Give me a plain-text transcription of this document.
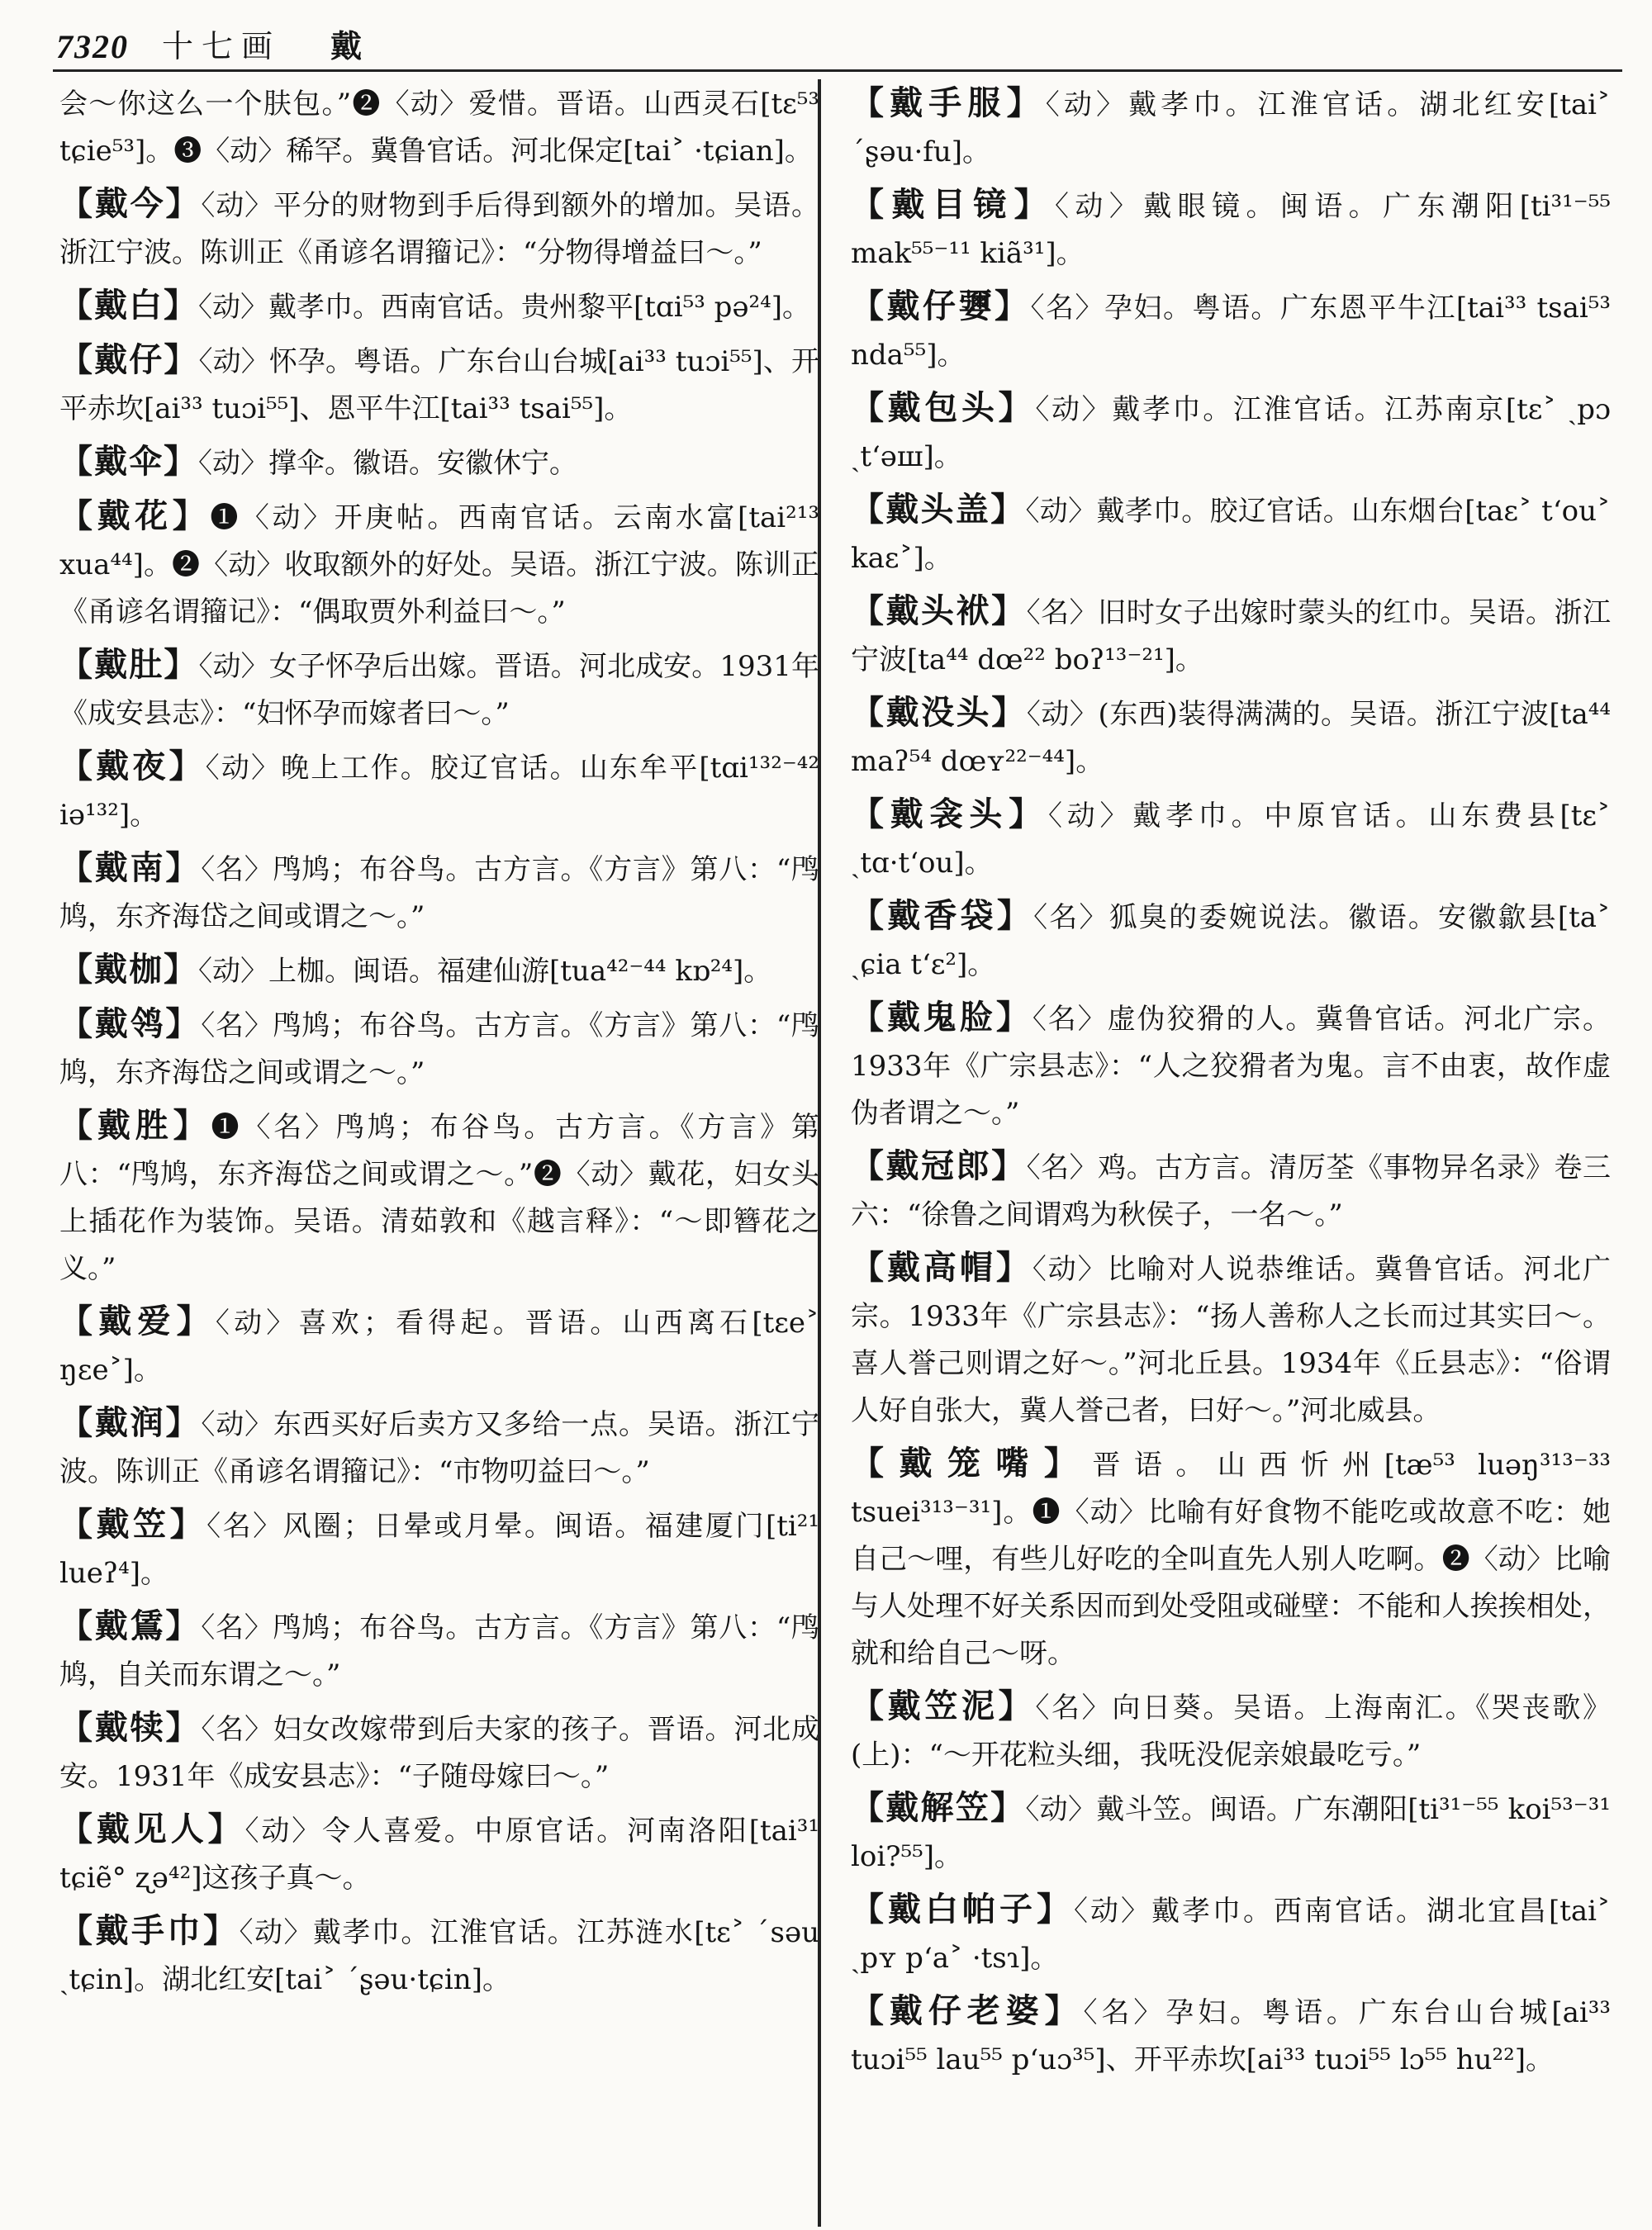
7320 十七画 戴

会～你这么一个肤包。”❷〈动〉爱惜。晋语。山西灵石[tɛ⁵³ tɕie⁵³]。❸〈动〉稀罕。冀鲁官话。河北保定[tai˃ ·tɕian]。

【 戴今 】 〈动〉平分的财物到手后得到额外的增加。吴语。浙江宁波。陈训正《甬谚名谓籀记》：“分物得增益曰～。”

【 戴白 】 〈动〉戴孝巾。西南官话。贵州黎平[tɑi⁵³ pə²⁴]。

【 戴仔 】 〈动〉怀孕。粤语。广东台山台城[ai³³ tuɔi⁵⁵]、开平赤坎[ai³³ tuɔi⁵⁵]、恩平牛江[tai³³ tsai⁵⁵]。

【 戴伞 】 〈动〉撑伞。徽语。安徽休宁。

【 戴花 】 ❶〈动〉开庚帖。西南官话。云南水富[tai²¹³ xua⁴⁴]。❷〈动〉收取额外的好处。吴语。浙江宁波。陈训正《甬谚名谓籀记》：“偶取贾外利益曰～。”

【 戴肚 】 〈动〉女子怀孕后出嫁。晋语。河北成安。1931年《成安县志》：“妇怀孕而嫁者曰～。”

【 戴夜 】 〈动〉晚上工作。胶辽官话。山东牟平[tɑi¹³²⁻⁴² iə¹³²]。

【 戴南 】 〈名〉鸤鸠；布谷鸟。古方言。《方言》第八：“鸤鸠，东齐海岱之间或谓之～。”

【 戴枷 】 〈动〉上枷。闽语。福建仙游[tua⁴²⁻⁴⁴ kɒ²⁴]。

【 戴鸰 】 〈名〉鸤鸠；布谷鸟。古方言。《方言》第八：“鸤鸠，东齐海岱之间或谓之～。”

【 戴胜 】 ❶〈名〉鸤鸠；布谷鸟。古方言。《方言》第八：“鸤鸠，东齐海岱之间或谓之～。”❷〈动〉戴花，妇女头上插花作为装饰。吴语。清茹敦和《越言释》：“～即簪花之义。”

【 戴爱 】 〈动〉喜欢；看得起。晋语。山西离石[tɛe˃ ŋɛe˃]。

【 戴润 】 〈动〉东西买好后卖方又多给一点。吴语。浙江宁波。陈训正《甬谚名谓籀记》：“市物叨益曰～。”

【 戴笠 】 〈名〉风圈；日晕或月晕。闽语。福建厦门[ti²¹ lueʔ⁴]。

【 戴鵀 】 〈名〉鸤鸠；布谷鸟。古方言。《方言》第八：“鸤鸠，自关而东谓之～。”

【 戴犊 】 〈名〉妇女改嫁带到后夫家的孩子。晋语。河北成安。1931年《成安县志》：“子随母嫁曰～。”

【 戴见人 】 〈动〉令人喜爱。中原官话。河南洛阳[tai³¹ tɕiẽ° ʐə⁴²]这孩子真～。

【 戴手巾 】 〈动〉戴孝巾。江淮官话。江苏涟水[tɛ˃ ˊsəu ˏtɕin]。湖北红安[tai˃ ˊʂəu·tɕin]。

【 戴手服 】 〈动〉戴孝巾。江淮官话。湖北红安[tai˃ ˊʂəu·fu]。

【 戴目镜 】 〈动〉戴眼镜。闽语。广东潮阳[ti³¹⁻⁵⁵ mak⁵⁵⁻¹¹ kiã³¹]。

【 戴仔㜷 】 〈名〉孕妇。粤语。广东恩平牛江[tai³³ tsai⁵³ nda⁵⁵]。

【 戴包头 】 〈动〉戴孝巾。江淮官话。江苏南京[tɛ˃ ˏpɔ ˏt‘əш]。

【 戴头盖 】 〈动〉戴孝巾。胶辽官话。山东烟台[taɛ˃ t‘ou˃ kaɛ˃]。

【 戴头袱 】 〈名〉旧时女子出嫁时蒙头的红巾。吴语。浙江宁波[ta⁴⁴ dœ²² boʔ¹³⁻²¹]。

【 戴没头 】 〈动〉(东西)装得满满的。吴语。浙江宁波[ta⁴⁴ maʔ⁵⁴ dœʏ²²⁻⁴⁴]。

【 戴衾头 】 〈动〉戴孝巾。中原官话。山东费县[tɛ˃ ˏtɑ·t‘ou]。

【 戴香袋 】 〈名〉狐臭的委婉说法。徽语。安徽歙县[ta˃ ˏɕia t‘ɛ²]。

【 戴鬼脸 】 〈名〉虚伪狡猾的人。冀鲁官话。河北广宗。1933年《广宗县志》：“人之狡猾者为鬼。言不由衷，故作虚伪者谓之～。”

【 戴冠郎 】 〈名〉鸡。古方言。清厉荃《事物异名录》卷三六：“徐鲁之间谓鸡为秋侯子，一名～。”

【 戴高帽 】 〈动〉比喻对人说恭维话。冀鲁官话。河北广宗。1933年《广宗县志》：“扬人善称人之长而过其实曰～。喜人誉己则谓之好～。”河北丘县。1934年《丘县志》：“俗谓人好自张大，冀人誉己者，曰好～。”河北威县。

【 戴笼嘴 】 晋语。山西忻州[tæ⁵³ luəŋ³¹³⁻³³ tsuei³¹³⁻³¹]。❶〈动〉比喻有好食物不能吃或故意不吃：她自己～哩，有些儿好吃的全叫直先人别人吃啊。❷〈动〉比喻与人处理不好关系因而到处受阻或碰壁：不能和人挨挨相处，就和给自己～呀。

【 戴笠泥 】 〈名〉向日葵。吴语。上海南汇。《哭丧歌》(上)：“～开花粒头细，我呒没伲亲娘最吃亏。”

【 戴解笠 】 〈动〉戴斗笠。闽语。广东潮阳[ti³¹⁻⁵⁵ koi⁵³⁻³¹ loi?⁵⁵]。

【 戴白帕子 】 〈动〉戴孝巾。西南官话。湖北宜昌[tai˃ ˏpʏ p‘a˃ ·tsɿ]。

【 戴仔老婆 】 〈名〉孕妇。粤语。广东台山台城[ai³³ tuɔi⁵⁵ lau⁵⁵ p‘uɔ³⁵]、开平赤坎[ai³³ tuɔi⁵⁵ lɔ⁵⁵ hu²²]。
